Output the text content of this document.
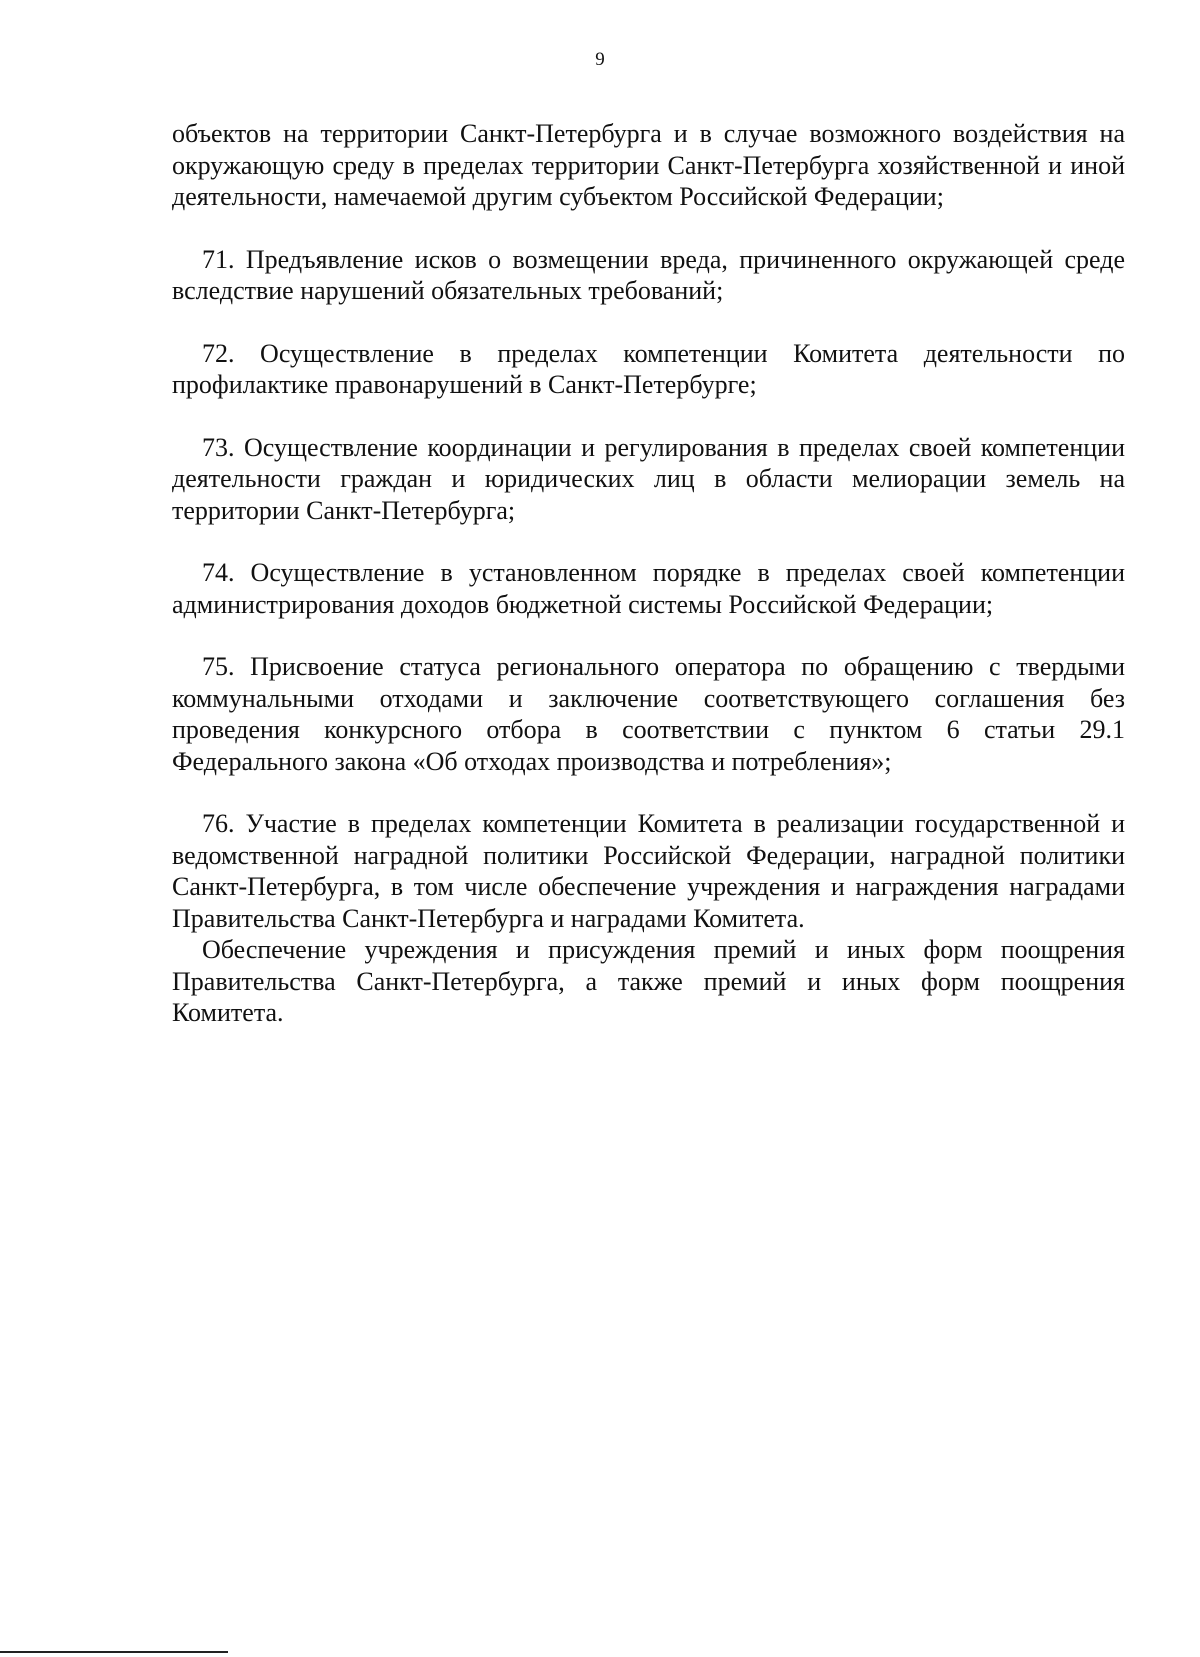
9

объектов на территории Санкт-Петербурга и в случае возможного воздействия на окружающую среду в пределах территории Санкт-Петербурга хозяйственной и иной деятельности, намечаемой другим субъектом Российской Федерации;

71. Предъявление исков о возмещении вреда, причиненного окружающей среде вследствие нарушений обязательных требований;

72. Осуществление в пределах компетенции Комитета деятельности по профилактике правонарушений в Санкт-Петербурге;

73. Осуществление координации и регулирования в пределах своей компетенции деятельности граждан и юридических лиц в области мелиорации земель на территории Санкт-Петербурга;

74. Осуществление в установленном порядке в пределах своей компетенции администрирования доходов бюджетной системы Российской Федерации;

75. Присвоение статуса регионального оператора по обращению с твердыми коммунальными отходами и заключение соответствующего соглашения без проведения конкурсного отбора в соответствии с пунктом 6 статьи 29.1 Федерального закона «Об отходах производства и потребления»;

76. Участие в пределах компетенции Комитета в реализации государственной и ведомственной наградной политики Российской Федерации, наградной политики Санкт-Петербурга, в том числе обеспечение учреждения и награждения наградами Правительства Санкт-Петербурга и наградами Комитета.

Обеспечение учреждения и присуждения премий и иных форм поощрения Правительства Санкт-Петербурга, а также премий и иных форм поощрения Комитета.
